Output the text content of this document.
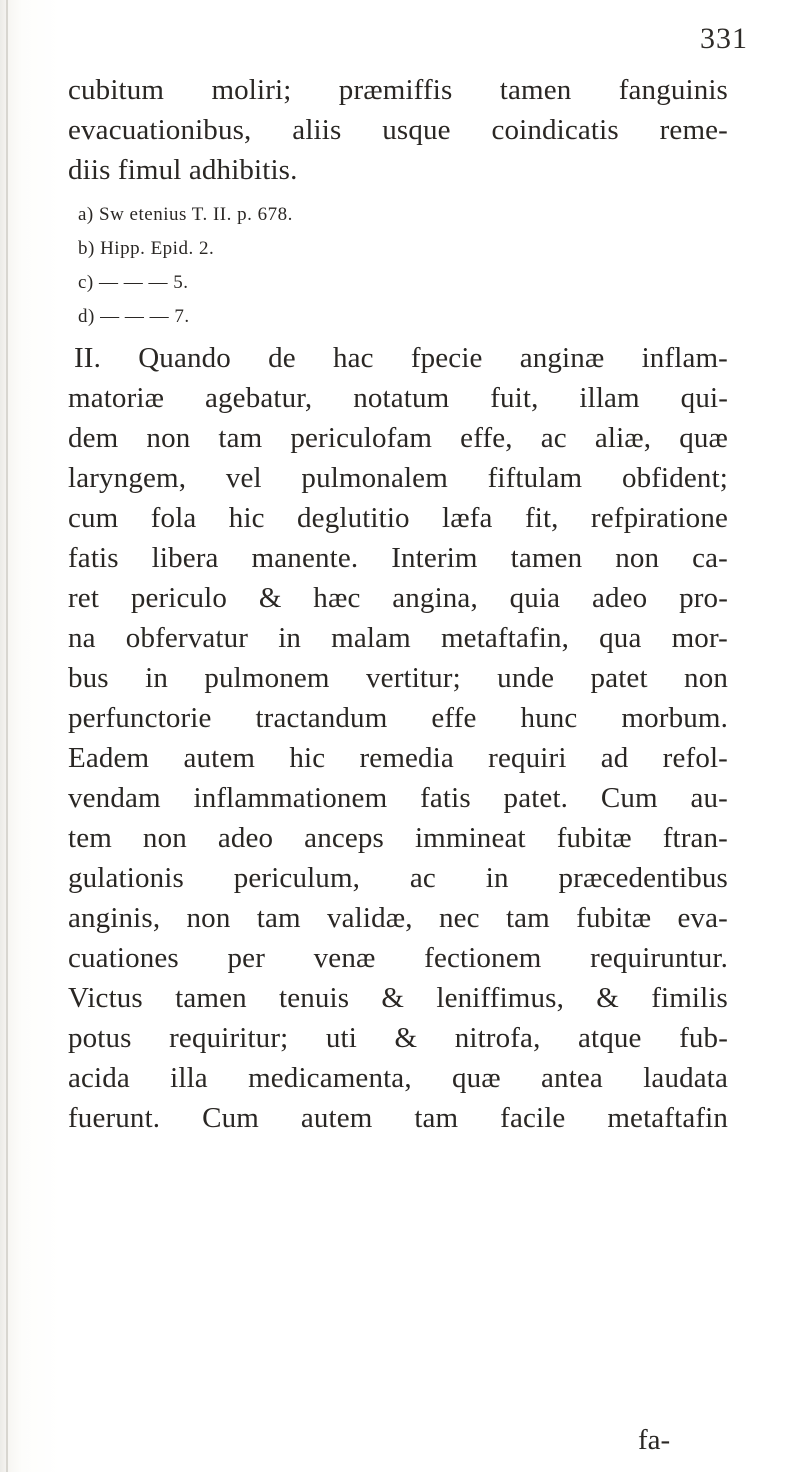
331
cubitum moliri; præmiffis tamen fanguinis
evacuationibus, aliis usque coindicatis reme-
diis fimul adhibitis.
a) Sw etenius T. II. p. 678.
b) Hipp. Epid. 2.
c) — — — 5.
d) — — — 7.
II. Quando de hac fpecie anginæ inflam-
matoriæ agebatur, notatum fuit, illam qui-
dem non tam periculofam effe, ac aliæ, quæ
laryngem, vel pulmonalem fiftulam obfident;
cum fola hic deglutitio læfa fit, refpiratione
fatis libera manente. Interim tamen non ca-
ret periculo & hæc angina, quia adeo pro-
na obfervatur in malam metaftafin, qua mor-
bus in pulmonem vertitur; unde patet non
perfunctorie tractandum effe hunc morbum.
Eadem autem hic remedia requiri ad refol-
vendam inflammationem fatis patet. Cum au-
tem non adeo anceps immineat fubitæ ftran-
gulationis periculum, ac in præcedentibus
anginis, non tam validæ, nec tam fubitæ eva-
cuationes per venæ fectionem requiruntur.
Victus tamen tenuis & leniffimus, & fimilis
potus requiritur; uti & nitrofa, atque fub-
acida illa medicamenta, quæ antea laudata
fuerunt. Cum autem tam facile metaftafin
fa-
